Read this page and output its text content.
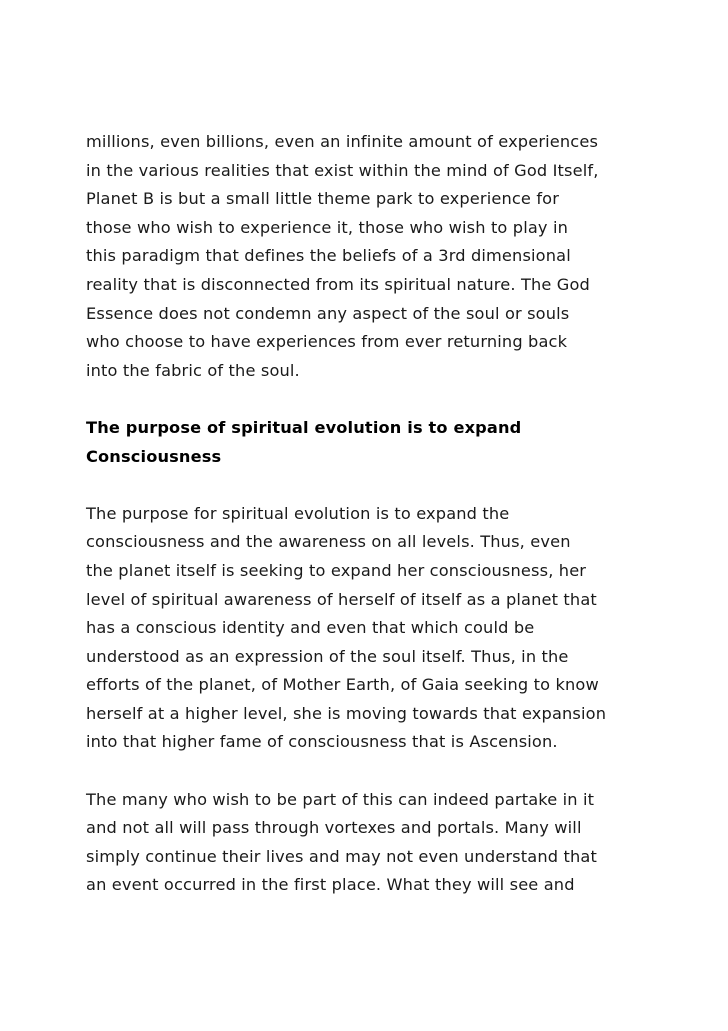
millions, even billions, even an infinite amount of experiences
in the various realities that exist within the mind of God Itself,
Planet B is but a small little theme park to experience for
those who wish to experience it, those who wish to play in
this paradigm that defines the beliefs of a 3rd dimensional
reality that is disconnected from its spiritual nature. The God
Essence does not condemn any aspect of the soul or souls
who choose to have experiences from ever returning back
into the fabric of the soul.
The purpose of spiritual evolution is to expand
Consciousness
The purpose for spiritual evolution is to expand the
consciousness and the awareness on all levels. Thus, even
the planet itself is seeking to expand her consciousness, her
level of spiritual awareness of herself of itself as a planet that
has a conscious identity and even that which could be
understood as an expression of the soul itself. Thus, in the
efforts of the planet, of Mother Earth, of Gaia seeking to know
herself at a higher level, she is moving towards that expansion
into that higher fame of consciousness that is Ascension.
The many who wish to be part of this can indeed partake in it
and not all will pass through vortexes and portals. Many will
simply continue their lives and may not even understand that
an event occurred in the first place. What they will see and
